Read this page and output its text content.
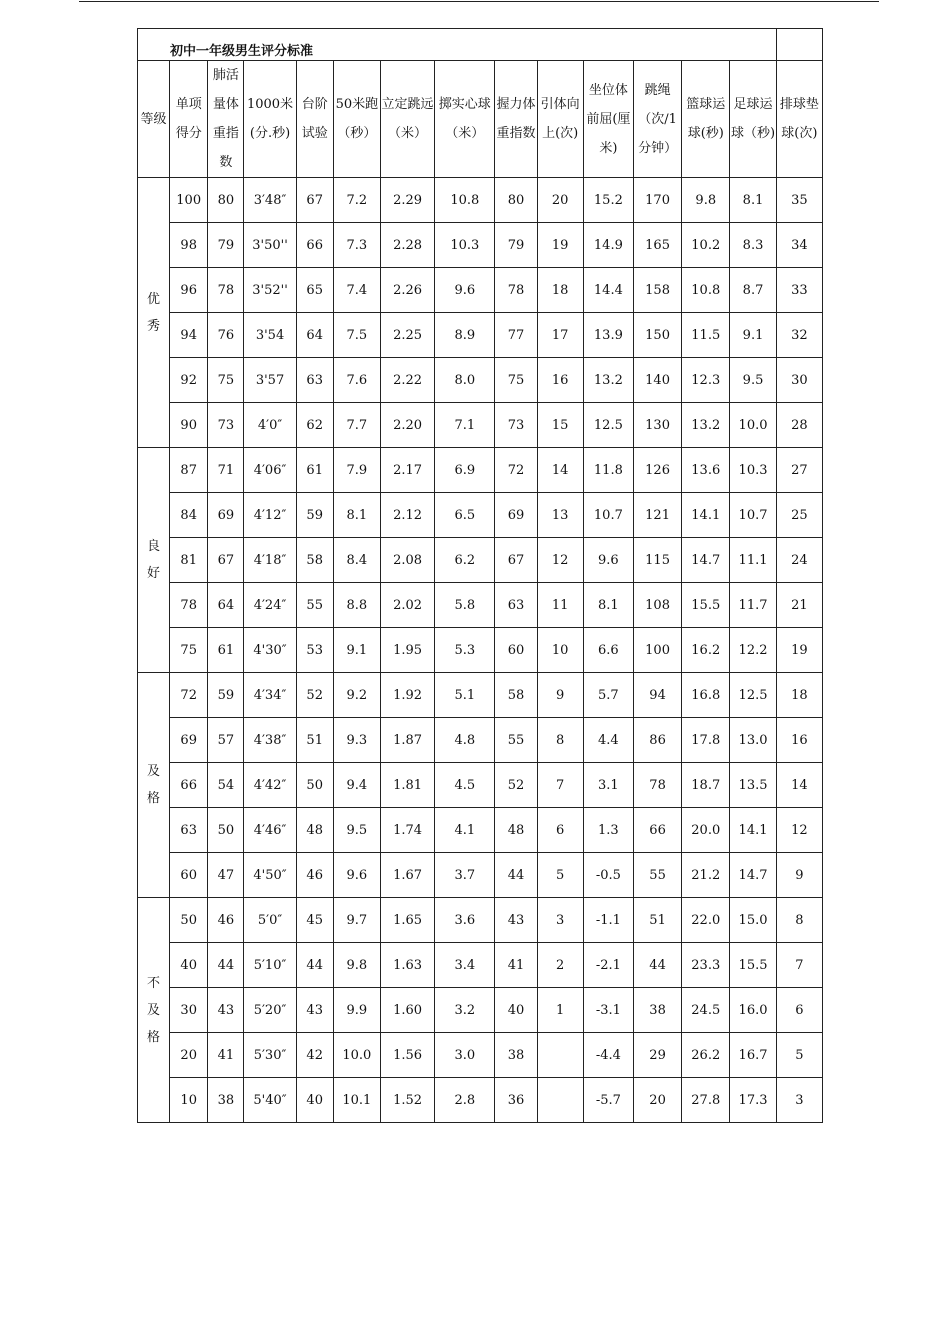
初中一年级男生评分标准														
等级	单项得分	肺活量体重指数	1000米(分.秒)	台阶试验	50米跑（秒）	立定跳远（米）	掷实心球（米）	握力体重指数	引体向上(次)	坐位体前屈(厘米)	跳绳（次/1分钟）	篮球运球(秒)	足球运球（秒)	排球垫球(次)

优秀	100	80	3′48″	67	7.2	2.29	10.8	80	20	15.2	170	9.8	8.1	35
	98	79	3'50''	66	7.3	2.28	10.3	79	19	14.9	165	10.2	8.3	34
	96	78	3'52''	65	7.4	2.26	9.6	78	18	14.4	158	10.8	8.7	33
	94	76	3'54	64	7.5	2.25	8.9	77	17	13.9	150	11.5	9.1	32
	92	75	3'57	63	7.6	2.22	8.0	75	16	13.2	140	12.3	9.5	30
	90	73	4′0″	62	7.7	2.20	7.1	73	15	12.5	130	13.2	10.0	28

良好	87	71	4′06″	61	7.9	2.17	6.9	72	14	11.8	126	13.6	10.3	27
	84	69	4′12″	59	8.1	2.12	6.5	69	13	10.7	121	14.1	10.7	25
	81	67	4′18″	58	8.4	2.08	6.2	67	12	9.6	115	14.7	11.1	24
	78	64	4′24″	55	8.8	2.02	5.8	63	11	8.1	108	15.5	11.7	21
	75	61	4'30″	53	9.1	1.95	5.3	60	10	6.6	100	16.2	12.2	19

及格	72	59	4′34″	52	9.2	1.92	5.1	58	9	5.7	94	16.8	12.5	18
	69	57	4′38″	51	9.3	1.87	4.8	55	8	4.4	86	17.8	13.0	16
	66	54	4′42″	50	9.4	1.81	4.5	52	7	3.1	78	18.7	13.5	14
	63	50	4′46″	48	9.5	1.74	4.1	48	6	1.3	66	20.0	14.1	12
	60	47	4'50″	46	9.6	1.67	3.7	44	5	-0.5	55	21.2	14.7	9

不及格	50	46	5′0″	45	9.7	1.65	3.6	43	3	-1.1	51	22.0	15.0	8
	40	44	5′10″	44	9.8	1.63	3.4	41	2	-2.1	44	23.3	15.5	7
	30	43	5′20″	43	9.9	1.60	3.2	40	1	-3.1	38	24.5	16.0	6
	20	41	5′30″	42	10.0	1.56	3.0	38		-4.4	29	26.2	16.7	5
	10	38	5'40″	40	10.1	1.52	2.8	36		-5.7	20	27.8	17.3	3
